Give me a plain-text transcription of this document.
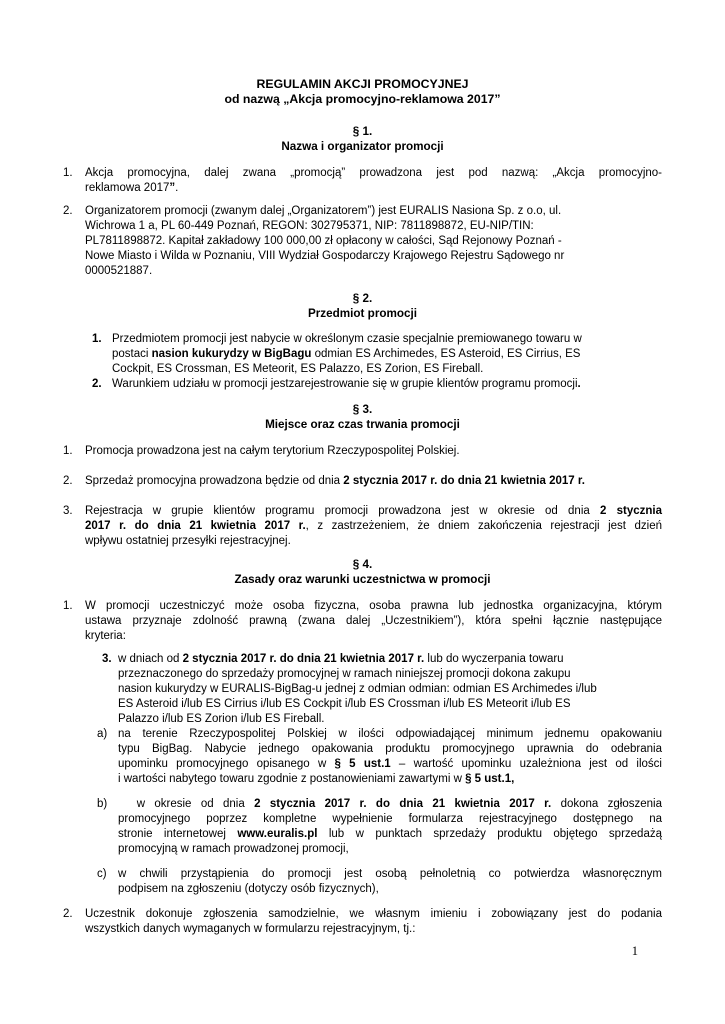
REGULAMIN AKCJI PROMOCYJNEJ
od nazwą „Akcja promocyjno-reklamowa 2017”
§ 1.
Nazwa i organizator promocji
1. Akcja promocyjna, dalej zwana „promocją” prowadzona jest pod nazwą: „Akcja promocyjno-
reklamowa 2017”.
2. Organizatorem promocji (zwanym dalej „Organizatorem”) jest EURALIS Nasiona Sp. z o.o, ul.
Wichrowa 1 a, PL 60-449 Poznań, REGON: 302795371, NIP: 7811898872, EU-NIP/TIN:
PL7811898872. Kapitał zakładowy 100 000,00 zł opłacony w całości, Sąd Rejonowy Poznań -
Nowe Miasto i Wilda w Poznaniu, VIII Wydział Gospodarczy Krajowego Rejestru Sądowego nr
0000521887.
§ 2.
Przedmiot promocji
1. Przedmiotem promocji jest nabycie w określonym czasie specjalnie premiowanego towaru w
postaci nasion kukurydzy w BigBagu odmian ES Archimedes, ES Asteroid, ES Cirrius, ES
Cockpit, ES Crossman, ES Meteorit, ES Palazzo, ES Zorion, ES Fireball.
2. Warunkiem udziału w promocji jestzarejestrowanie się w grupie klientów programu promocji.
§ 3.
Miejsce oraz czas trwania promocji
1. Promocja prowadzona jest na całym terytorium Rzeczypospolitej Polskiej.
2. Sprzedaż promocyjna prowadzona będzie od dnia 2 stycznia 2017 r. do dnia 21 kwietnia 2017 r.
3. Rejestracja w grupie klientów programu promocji prowadzona jest w okresie od dnia 2 stycznia
2017 r. do dnia 21 kwietnia 2017 r., z zastrzeżeniem, że dniem zakończenia rejestracji jest dzień
wpływu ostatniej przesyłki rejestracyjnej.
§ 4.
Zasady oraz warunki uczestnictwa w promocji
1. W promocji uczestniczyć może osoba fizyczna, osoba prawna lub jednostka organizacyjna, którym
ustawa przyznaje zdolność prawną (zwana dalej „Uczestnikiem”), która spełni łącznie następujące
kryteria:
3. w dniach od 2 stycznia 2017 r. do dnia 21 kwietnia 2017 r. lub do wyczerpania towaru
przeznaczonego do sprzedaży promocyjnej w ramach niniejszej promocji dokona zakupu
nasion kukurydzy w EURALIS-BigBag-u jednej z odmian odmian: odmian ES Archimedes i/lub
ES Asteroid i/lub ES Cirrius i/lub ES Cockpit i/lub ES Crossman i/lub ES Meteorit i/lub ES
Palazzo i/lub ES Zorion i/lub ES Fireball.
a) na terenie Rzeczypospolitej Polskiej w ilości odpowiadającej minimum jednemu opakowaniu
typu BigBag. Nabycie jednego opakowania produktu promocyjnego uprawnia do odebrania
upominku promocyjnego opisanego w § 5 ust.1 – wartość upominku uzależniona jest od ilości
i wartości nabytego towaru zgodnie z postanowieniami zawartymi w § 5 ust.1,
b) w okresie od dnia 2 stycznia 2017 r. do dnia 21 kwietnia 2017 r. dokona zgłoszenia
promocyjnego poprzez kompletne wypełnienie formularza rejestracyjnego dostępnego na
stronie internetowej www.euralis.pl lub w punktach sprzedaży produktu objętego sprzedażą
promocyjną w ramach prowadzonej promocji,
c) w chwili przystąpienia do promocji jest osobą pełnoletnią co potwierdza własnoręcznym
podpisem na zgłoszeniu (dotyczy osób fizycznych),
2. Uczestnik dokonuje zgłoszenia samodzielnie, we własnym imieniu i zobowiązany jest do podania
wszystkich danych wymaganych w formularzu rejestracyjnym, tj.:
1
